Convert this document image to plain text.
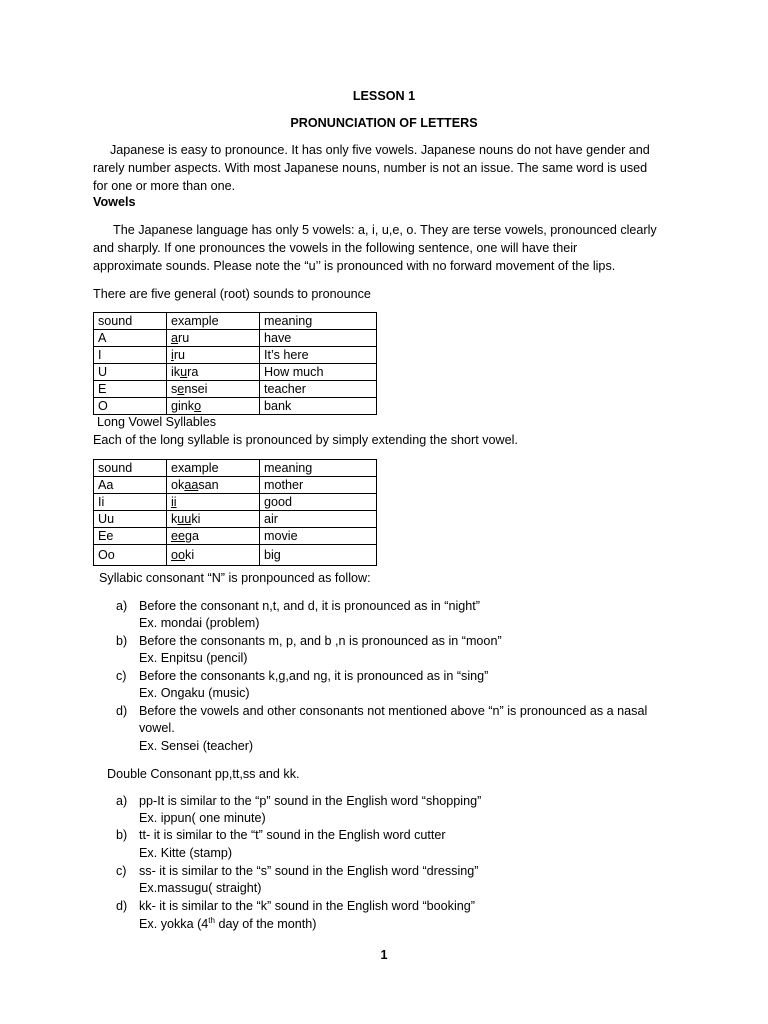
LESSON 1
PRONUNCIATION OF LETTERS
Japanese is easy to pronounce. It has only five vowels. Japanese nouns do not have gender and
rarely number aspects. With most Japanese nouns, number is not an issue. The same word is used
for one or more than one.
Vowels
The Japanese language has only 5 vowels: a, i, u,e, o. They are terse vowels, pronounced clearly
and sharply. If one pronounces the vowels in the following sentence, one will have their
approximate sounds. Please note the “u’’ is pronounced with no forward movement of the lips.
There are five general (root) sounds to pronounce
sound	example	meaning
A	aru	have
I	iru	It’s here
U	ikura	How much
E	sensei	teacher
O	ginko	bank
Long Vowel Syllables
Each of the long syllable is pronounced by simply extending the short vowel.
sound	example	meaning
Aa	okaasan	mother
Ii	ii	good
Uu	kuuki	air
Ee	eega	movie
Oo	ooki	big
Syllabic consonant “N” is pronpounced as follow:
a) Before the consonant n,t, and d, it is pronounced as in “night”
Ex. mondai (problem)
b) Before the consonants m, p, and b ,n is pronounced as in “moon”
Ex. Enpitsu (pencil)
c) Before the consonants k,g,and ng, it is pronounced as in “sing”
Ex. Ongaku (music)
d) Before the vowels and other consonants not mentioned above “n” is pronounced as a nasal
vowel.
Ex. Sensei (teacher)
Double Consonant pp,tt,ss and kk.
a) pp-It is similar to the “p” sound in the English word “shopping”
Ex. ippun( one minute)
b) tt- it is similar to the “t” sound in the English word cutter
Ex. Kitte (stamp)
c) ss- it is similar to the “s” sound in the English word “dressing”
Ex.massugu( straight)
d) kk- it is similar to the “k” sound in the English word “booking”
Ex. yokka (4th day of the month)
1
